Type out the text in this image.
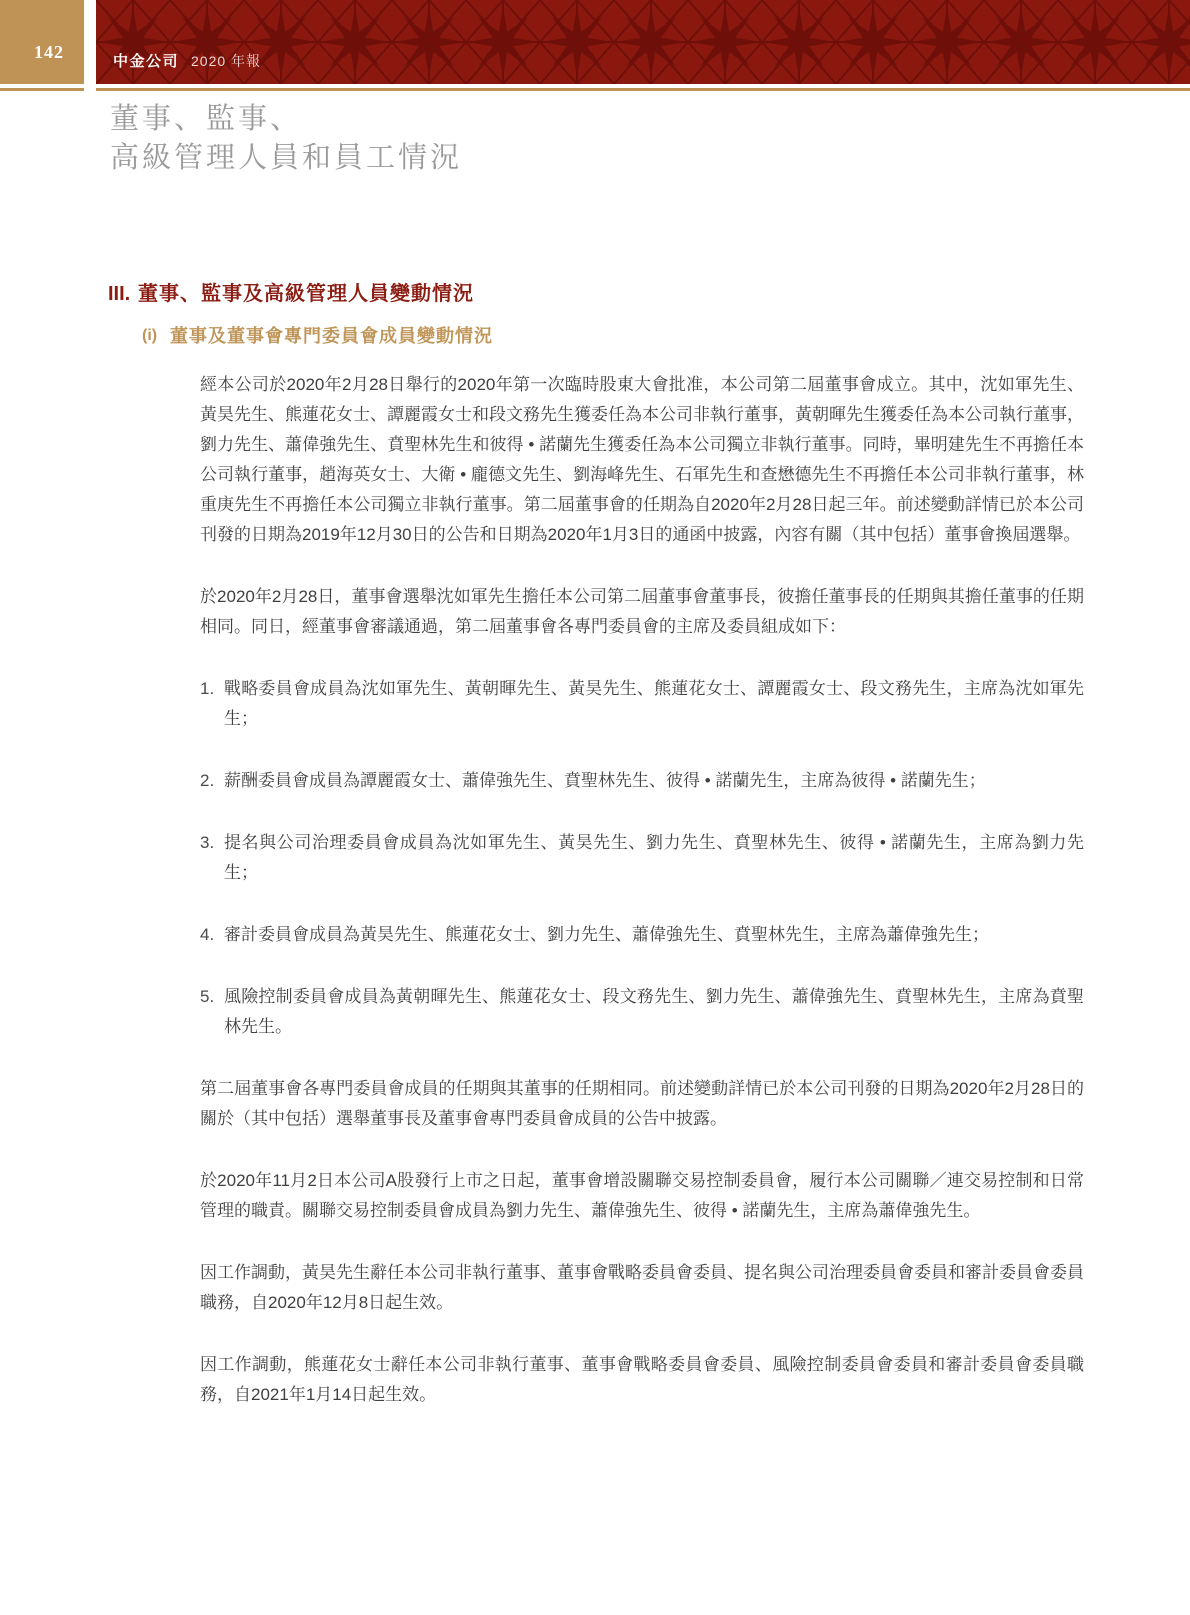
142	中金公司 2020 年報
董事、監事、
高級管理人員和員工情況
III. 董事、監事及高級管理人員變動情況
(i) 董事及董事會專門委員會成員變動情況

經本公司於2020年2月28日舉行的2020年第一次臨時股東大會批准，本公司第二屆董事會成立。其中，沈如軍先生、黃昊先生、熊蓮花女士、譚麗霞女士和段文務先生獲委任為本公司非執行董事，黃朝暉先生獲委任為本公司執行董事，劉力先生、蕭偉強先生、賁聖林先生和彼得 • 諾蘭先生獲委任為本公司獨立非執行董事。同時，畢明建先生不再擔任本公司執行董事，趙海英女士、大衛 • 龐德文先生、劉海峰先生、石軍先生和查懋德先生不再擔任本公司非執行董事，林重庚先生不再擔任本公司獨立非執行董事。第二屆董事會的任期為自2020年2月28日起三年。前述變動詳情已於本公司刊發的日期為2019年12月30日的公告和日期為2020年1月3日的通函中披露，內容有關（其中包括）董事會換屆選舉。

於2020年2月28日，董事會選舉沈如軍先生擔任本公司第二屆董事會董事長，彼擔任董事長的任期與其擔任董事的任期相同。同日，經董事會審議通過，第二屆董事會各專門委員會的主席及委員組成如下：

1. 戰略委員會成員為沈如軍先生、黃朝暉先生、黃昊先生、熊蓮花女士、譚麗霞女士、段文務先生，主席為沈如軍先生；
2. 薪酬委員會成員為譚麗霞女士、蕭偉強先生、賁聖林先生、彼得 • 諾蘭先生，主席為彼得 • 諾蘭先生；
3. 提名與公司治理委員會成員為沈如軍先生、黃昊先生、劉力先生、賁聖林先生、彼得 • 諾蘭先生，主席為劉力先生；
4. 審計委員會成員為黃昊先生、熊蓮花女士、劉力先生、蕭偉強先生、賁聖林先生，主席為蕭偉強先生；
5. 風險控制委員會成員為黃朝暉先生、熊蓮花女士、段文務先生、劉力先生、蕭偉強先生、賁聖林先生，主席為賁聖林先生。

第二屆董事會各專門委員會成員的任期與其董事的任期相同。前述變動詳情已於本公司刊發的日期為2020年2月28日的關於（其中包括）選舉董事長及董事會專門委員會成員的公告中披露。

於2020年11月2日本公司A股發行上市之日起，董事會增設關聯交易控制委員會，履行本公司關聯／連交易控制和日常管理的職責。關聯交易控制委員會成員為劉力先生、蕭偉強先生、彼得 • 諾蘭先生，主席為蕭偉強先生。

因工作調動，黃昊先生辭任本公司非執行董事、董事會戰略委員會委員、提名與公司治理委員會委員和審計委員會委員職務，自2020年12月8日起生效。

因工作調動，熊蓮花女士辭任本公司非執行董事、董事會戰略委員會委員、風險控制委員會委員和審計委員會委員職務，自2021年1月14日起生效。
